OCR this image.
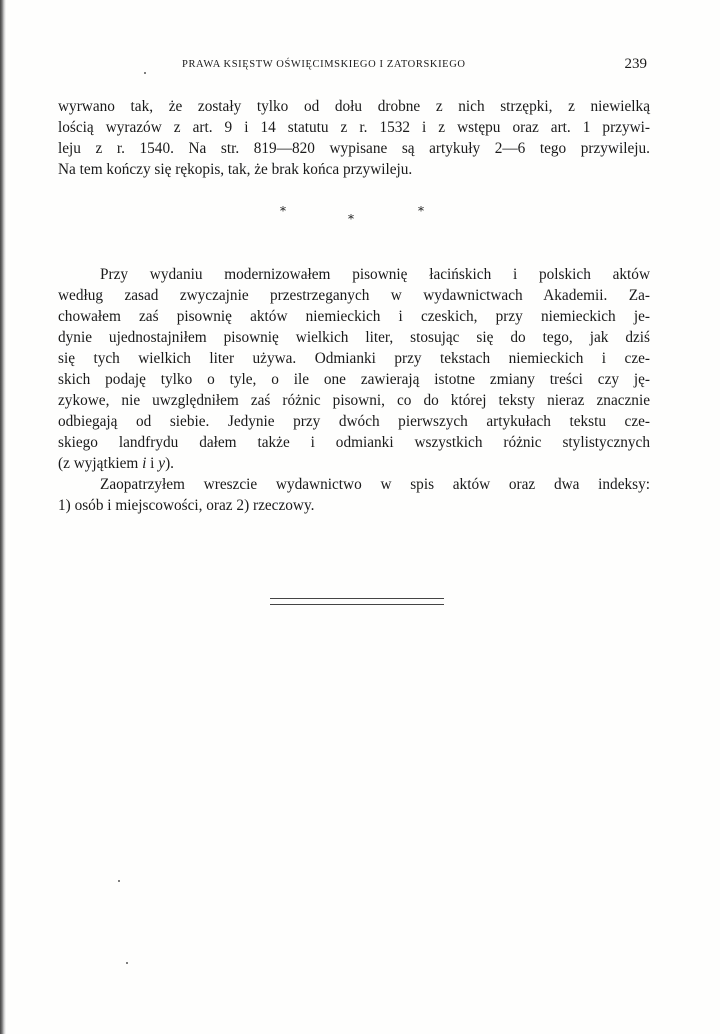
PRAWA KSIĘSTW OŚWIĘCIMSKIEGO I ZATORSKIEGO	239
wyrwano tak, że zostały tylko od dołu drobne z nich strzępki, z niewielką
lością wyrazów z art. 9 i 14 statutu z r. 1532 i z wstępu oraz art. 1 przywi-
leju z r. 1540. Na str. 819—820 wypisane są artykuły 2—6 tego przywileju.
Na tem kończy się rękopis, tak, że brak końca przywileju.
*
*
*
Przy wydaniu modernizowałem pisownię łacińskich i polskich aktów
według zasad zwyczajnie przestrzeganych w wydawnictwach Akademii. Za-
chowałem zaś pisownię aktów niemieckich i czeskich, przy niemieckich je-
dynie ujednostajniłem pisownię wielkich liter, stosując się do tego, jak dziś
się tych wielkich liter używa. Odmianki przy tekstach niemieckich i cze-
skich podaję tylko o tyle, o ile one zawierają istotne zmiany treści czy ję-
zykowe, nie uwzględniłem zaś różnic pisowni, co do której teksty nieraz znacznie
odbiegają od siebie. Jedynie przy dwóch pierwszych artykułach tekstu cze-
skiego landfrydu dałem także i odmianki wszystkich różnic stylistycznych
(z wyjątkiem i i y).
Zaopatrzyłem wreszcie wydawnictwo w spis aktów oraz dwa indeksy:
1) osób i miejscowości, oraz 2) rzeczowy.
